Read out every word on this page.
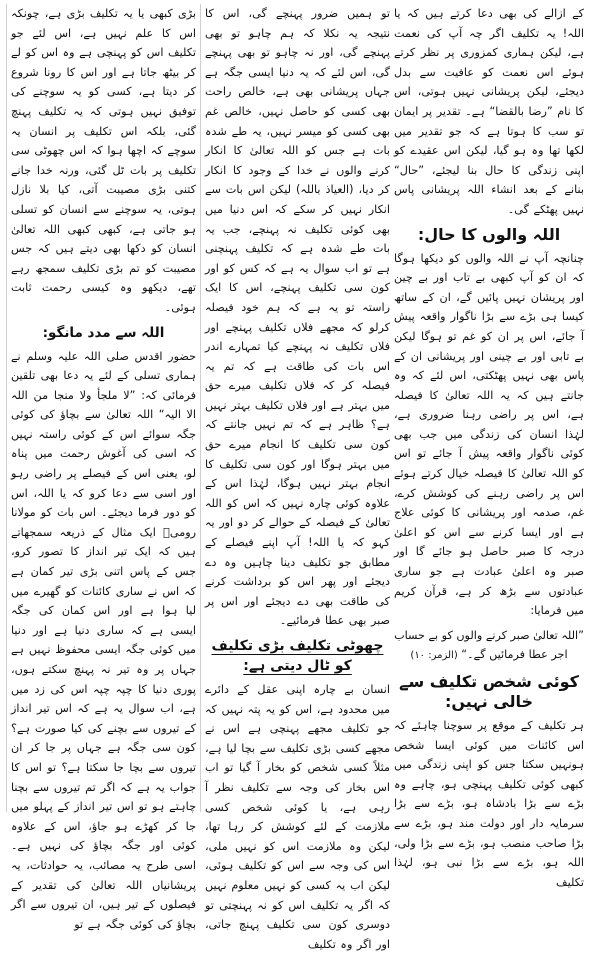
کے ازالے کی بھی دعا کرتے ہیں کہ یا اللہ! یہ تکلیف اگر چہ آپ کی نعمت ہے، لیکن ہماری کمزوری پر نظر کرتے ہوئے اس نعمت کو عافیت سے بدل دیجئے، لیکن پریشانی نہیں ہوتی، اس کا نام ”رضا بالقضا“ ہے۔ تقدیر پر ایمان تو سب کا ہوتا ہے کہ جو تقدیر میں لکھا تھا وہ ہو گیا، لیکن اس عقیدے کو اپنی زندگی کا حال بنا لیجئے، ”حال“ بنانے کے بعد انشاء اللہ پریشانی پاس نہیں پھٹکے گی۔

اللہ والوں کا حال:

چنانچہ آپ نے اللہ والوں کو دیکھا ہوگا کہ ان کو آپ کبھی بے تاب اور بے چین اور پریشان نہیں پائیں گے، ان کے ساتھ کیسا ہی بڑے سے بڑا ناگوار واقعہ پیش آ جائے، اس پر ان کو غم تو ہوگا لیکن بے تابی اور بے چینی اور پریشانی ان کے پاس بھی نہیں پھٹکتی، اس لئے کہ وہ جانتے ہیں کہ یہ اللہ تعالیٰ کا فیصلہ ہے، اس پر راضی رہنا ضروری ہے، لہٰذا انسان کی زندگی میں جب بھی کوئی ناگوار واقعہ پیش آ جائے تو اس کو اللہ تعالیٰ کا فیصلہ خیال کرتے ہوئے اس پر راضی رہنے کی کوشش کرے، غم، صدمہ اور پریشانی کا کوئی علاج ہے اور ایسا کرنے سے اس کو اعلیٰ درجہ کا صبر حاصل ہو جائے گا اور صبر وہ اعلیٰ عبادت ہے جو ساری عبادتوں سے بڑھ کر ہے، قرآن کریم میں فرمایا:

”اللہ تعالیٰ صبر کرنے والوں کو بے حساب اجر عطا فرمائیں گے۔“ (الزمر: ۱۰)
کوئی شخص تکلیف سے خالی نہیں:

ہر تکلیف کے موقع پر سوچنا چاہئے کہ اس کائنات میں کوئی ایسا شخص ہونہیں سکتا جس کو اپنی زندگی میں کبھی کوئی تکلیف پہنچی ہو، چاہے وہ بڑے سے بڑا بادشاہ ہو، بڑے سے بڑا سرمایہ دار اور دولت مند ہو، بڑے سے بڑا صاحب منصب ہو، بڑے سے بڑا ولی، اللہ ہو، بڑے سے بڑا نبی ہو، لہٰذا تکلیف

تو ہمیں ضرور پہنچے گی، اس کا نتیجہ یہ نکلا کہ ہم چاہو تو بھی پہنچے گی، اور نہ چاہو تو بھی پہنچے گی، اس لئے کہ یہ دنیا ایسی جگہ ہے جہاں پریشانی بھی ہے، خالص راحت بھی کسی کو حاصل نہیں، خالص غم بھی کسی کو میسر نہیں، یہ طے شدہ بات ہے جس کو اللہ تعالیٰ کا انکار کرنے والوں نے خدا کے وجود کا انکار کر دیا، (العیاذ باللہ) لیکن اس بات سے انکار نہیں کر سکے کہ اس دنیا میں بھی کوئی تکلیف نہ پہنچے، جب یہ بات طے شدہ ہے کہ تکلیف پہنچنی ہے تو اب سوال یہ ہے کہ کس کو اور کون سی تکلیف پہنچے، اس کا ایک راستہ تو یہ ہے کہ ہم خود فیصلہ کرلو کہ مجھے فلاں تکلیف پہنچے اور فلاں تکلیف نہ پہنچے کیا تمہارے اندر اس بات کی طاقت ہے کہ تم یہ فیصلہ کر کہ فلاں تکلیف میرے حق میں بہتر ہے اور فلاں تکلیف بہتر نہیں ہے؟ ظاہر ہے کہ تم نہیں جانتے کہ کون سی تکلیف کا انجام میرے حق میں بہتر ہوگا اور کون سی تکلیف کا انجام بہتر نہیں ہوگا، لہٰذا اس کے علاوہ کوئی چارہ نہیں کہ اس کو اللہ تعالیٰ کے فیصلہ کے حوالے کر دو اور یہ کہو کہ یا اللہ! آپ اپنے فیصلے کے مطابق جو تکلیف دینا چاہیں وہ دے دیجئے اور پھر اس کو برداشت کرنے کی طاقت بھی دے دیجئے اور اس پر صبر بھی عطا فرمائیے۔

چھوٹی تکلیف بڑی تکلیف کو ٹال دیتی ہے:

انسان بے چارہ اپنی عقل کے دائرے میں محدود ہے، اس کو یہ پتہ نہیں کہ جو تکلیف مجھے پہنچی ہے اس نے مجھے کسی بڑی تکلیف سے بچا لیا ہے، مثلاً کسی شخص کو بخار آ گیا تو اب اس بخار کی وجہ سے تکلیف نظر آ رہی ہے، یا کوئی شخص کسی ملازمت کے لئے کوشش کر رہا تھا، لیکن وہ ملازمت اس کو نہیں ملی، اس کی وجہ سے اس کو تکلیف ہوئی، لیکن اب یہ کسی کو نہیں معلوم نہیں کہ اگر یہ تکلیف اس کو نہ پہنچتی تو دوسری کون سی تکلیف پہنچ جاتی، اور اگر وہ تکلیف

بڑی کبھی یا یہ تکلیف بڑی ہے، چونکہ اس کا علم نہیں ہے، اس لئے جو تکلیف اس کو پہنچی ہے وہ اس کو لے کر بیٹھ جاتا ہے اور اس کا رونا شروع کر دیتا ہے، کسی کو یہ سوچنے کی توفیق نہیں ہوتی کہ یہ تکلیف پہنچ گئی، بلکہ اس تکلیف پر انسان یہ سوچے کہ اچھا ہوا کہ اس چھوٹی سی تکلیف پر بات ٹل گئی، ورنہ خدا جانے کتنی بڑی مصیبت آتی، کیا بلا نازل ہوتی، یہ سوچنے سے انسان کو تسلی ہو جاتی ہے، کبھی کبھی اللہ تعالیٰ انسان کو دکھا بھی دیتے ہیں کہ جس مصیبت کو تم بڑی تکلیف سمجھ رہے تھے، دیکھو وہ کیسی رحمت ثابت ہوئی۔

اللہ سے مدد مانگو:

حضور اقدس صلی اللہ علیہ وسلم نے ہماری تسلی کے لئے یہ دعا بھی تلقین فرمائی کہ: ”لا ملجأ ولا منجا من اللہ الا الیہ“ اللہ تعالیٰ سے بچاؤ کی کوئی جگہ سوائے اس کے کوئی راستہ نہیں کہ اسی کی آغوش رحمت میں پناہ لو، یعنی اس کے فیصلے پر راضی رہو اور اسی سے دعا کرو کہ یا اللہ، اس کو دور فرما دیجئے۔ اس بات کو مولانا رومیؒ ایک مثال کے ذریعہ سمجھاتے ہیں کہ ایک تیر انداز کا تصور کرو، جس کے پاس اتنی بڑی تیر کمان ہے کہ اس نے ساری کائنات کو گھیرے میں لیا ہوا ہے اور اس کمان کی جگہ ایسی ہے کہ ساری دنیا ہے اور دنیا میں کوئی جگہ ایسی محفوظ نہیں ہے جہاں پر وہ تیر نہ پہنچ سکتے ہوں، پوری دنیا کا چپہ چپہ اس کی زد میں ہے، اب سوال یہ ہے کہ اس تیر انداز کے تیروں سے بچنے کی کیا صورت ہے؟ کون سی جگہ ہے جہاں پر جا کر ان تیروں سے بچا جا سکتا ہے؟ تو اس کا جواب یہ ہے کہ اگر تم تیروں سے بچنا چاہتے ہو تو اس تیر انداز کے پہلو میں جا کر کھڑے ہو جاؤ، اس کے علاوہ کوئی اور جگہ بچاؤ کی نہیں ہے۔ اسی طرح یہ مصائب، یہ حوادثات، یہ پریشانیاں اللہ تعالیٰ کی تقدیر کے فیصلوں کے تیر ہیں، ان تیروں سے اگر بچاؤ کی کوئی جگہ ہے تو
